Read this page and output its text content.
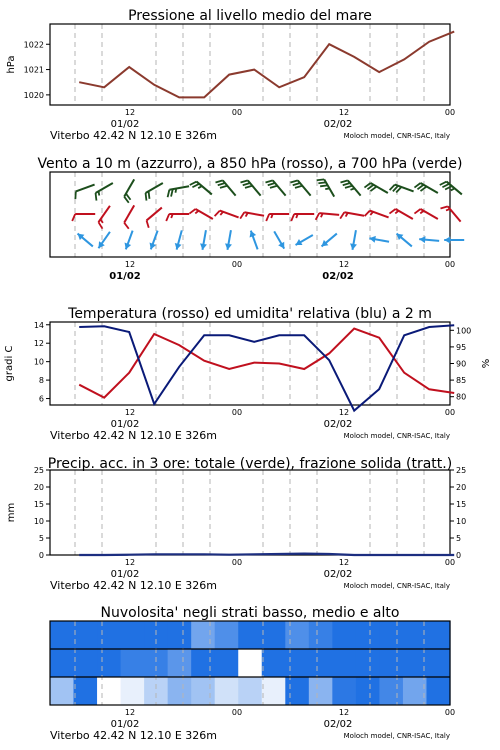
Pressione al livello medio del mare
1020
1021
1022
hPa
12	00	12	00
01/02	02/02
Viterbo 42.42 N 12.10 E 326m	Moloch model, CNR-ISAC, Italy
Vento a 10 m (azzurro), a 850 hPa (rosso), a 700 hPa (verde)
12	00	12	00
01/02	02/02
Temperatura (rosso) ed umidita' relativa (blu) a 2 m
6
8
10
12
14
80
85
90
95
100
gradi C	%
12	00	12	00
01/02	02/02
Viterbo 42.42 N 12.10 E 326m	Moloch model, CNR-ISAC, Italy
Precip. acc. in 3 ore: totale (verde), frazione solida (tratt.)
0	0
5	5
10	10
15	15
20	20
25	25
mm
12	00	12	00
01/02	02/02
Viterbo 42.42 N 12.10 E 326m	Moloch model, CNR-ISAC, Italy
Nuvolosita' negli strati basso, medio e alto
12	00	12	00
01/02	02/02
Viterbo 42.42 N 12.10 E 326m	Moloch model, CNR-ISAC, Italy
